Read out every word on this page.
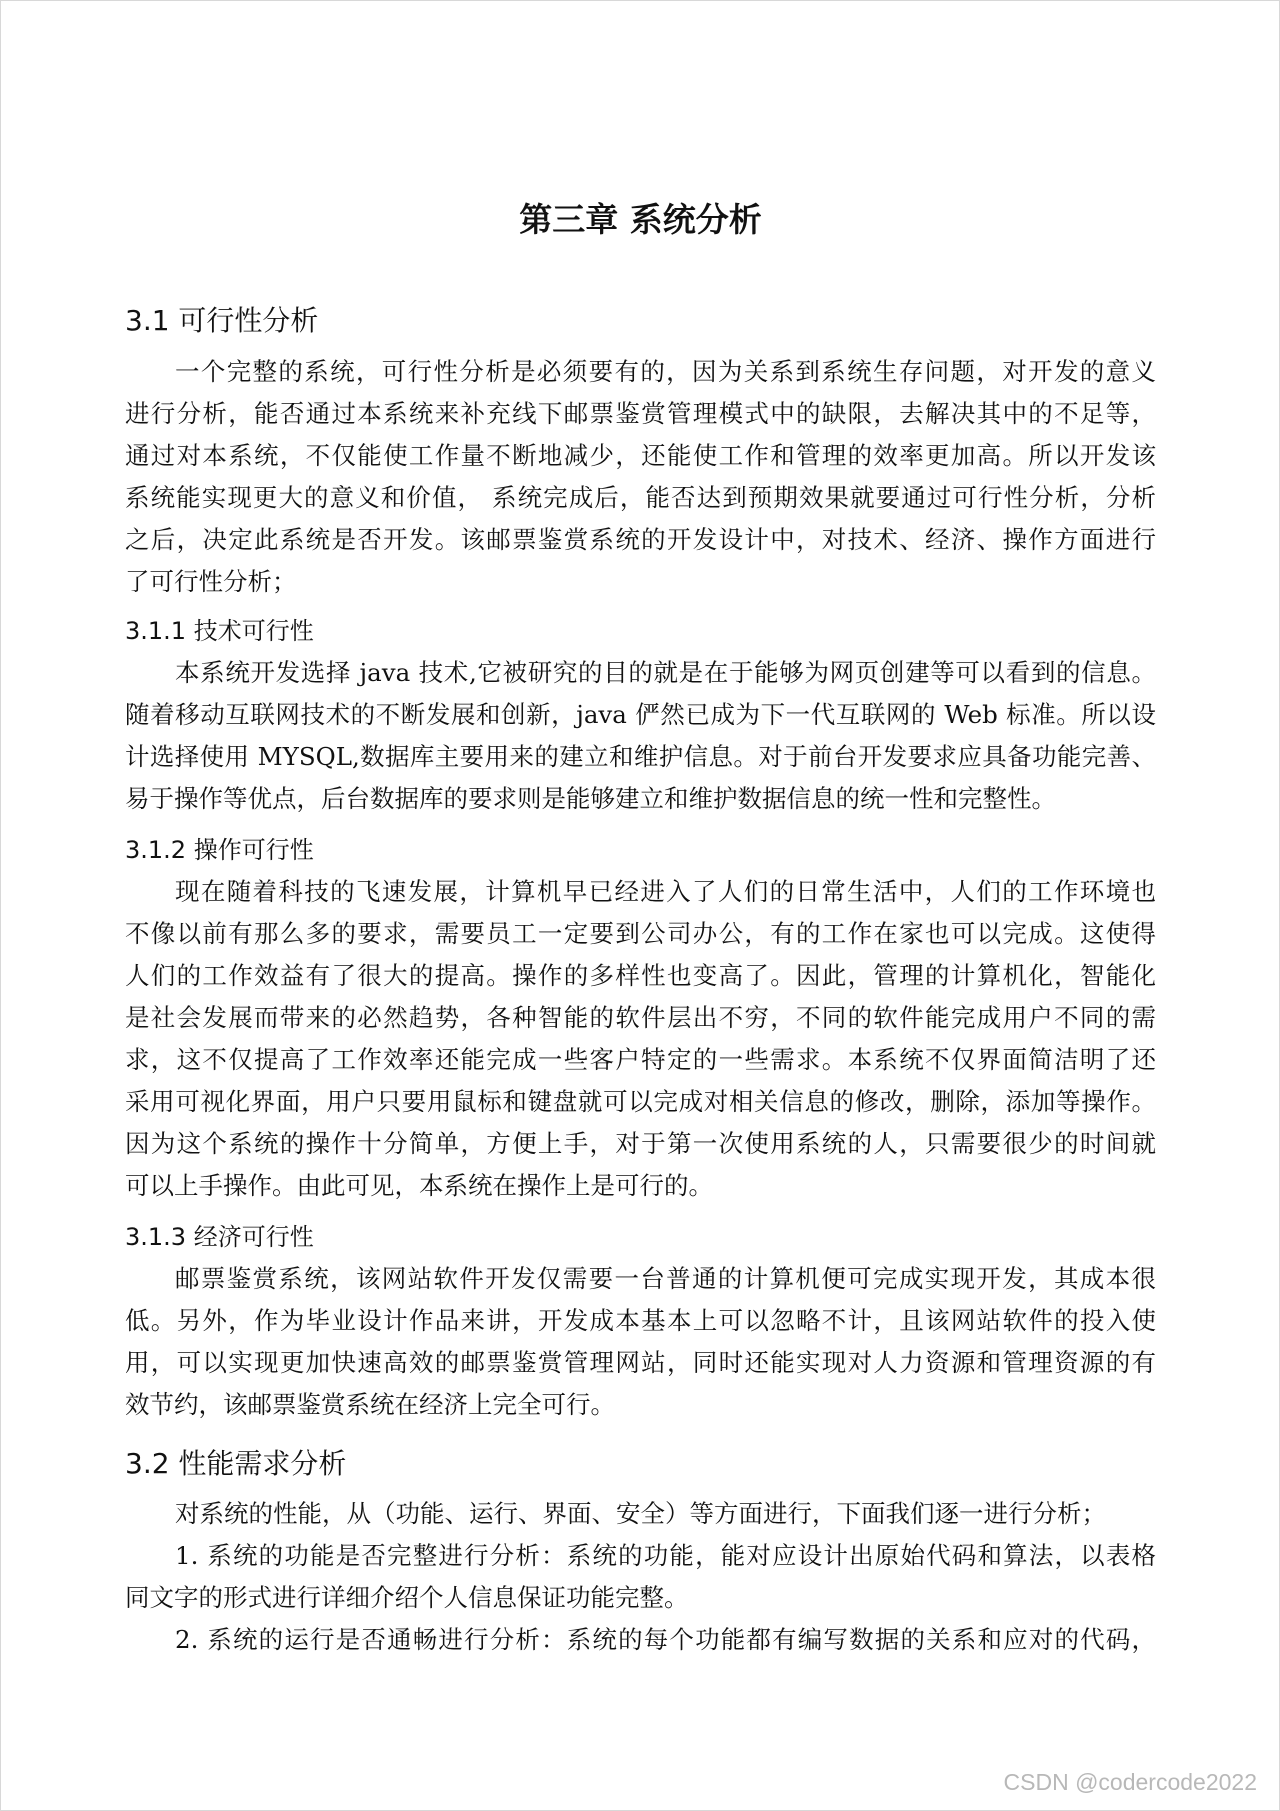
第三章 系统分析
3.1 可行性分析
一个完整的系统，可行性分析是必须要有的，因为关系到系统生存问题，对开发的意义
进行分析，能否通过本系统来补充线下邮票鉴赏管理模式中的缺限，去解决其中的不足等，
通过对本系统，不仅能使工作量不断地减少，还能使工作和管理的效率更加高。所以开发该
系统能实现更大的意义和价值， 系统完成后，能否达到预期效果就要通过可行性分析，分析
之后，决定此系统是否开发。该邮票鉴赏系统的开发设计中，对技术、经济、操作方面进行
了可行性分析；
3.1.1 技术可行性
本系统开发选择 java 技术,它被研究的目的就是在于能够为网页创建等可以看到的信息。
随着移动互联网技术的不断发展和创新，java 俨然已成为下一代互联网的 Web 标准。所以设
计选择使用 MYSQL,数据库主要用来的建立和维护信息。对于前台开发要求应具备功能完善、
易于操作等优点，后台数据库的要求则是能够建立和维护数据信息的统一性和完整性。
3.1.2 操作可行性
现在随着科技的飞速发展，计算机早已经进入了人们的日常生活中，人们的工作环境也
不像以前有那么多的要求，需要员工一定要到公司办公，有的工作在家也可以完成。这使得
人们的工作效益有了很大的提高。操作的多样性也变高了。因此，管理的计算机化，智能化
是社会发展而带来的必然趋势，各种智能的软件层出不穷，不同的软件能完成用户不同的需
求，这不仅提高了工作效率还能完成一些客户特定的一些需求。本系统不仅界面简洁明了还
采用可视化界面，用户只要用鼠标和键盘就可以完成对相关信息的修改，删除，添加等操作。
因为这个系统的操作十分简单，方便上手，对于第一次使用系统的人，只需要很少的时间就
可以上手操作。由此可见，本系统在操作上是可行的。
3.1.3 经济可行性
邮票鉴赏系统，该网站软件开发仅需要一台普通的计算机便可完成实现开发，其成本很
低。另外，作为毕业设计作品来讲，开发成本基本上可以忽略不计，且该网站软件的投入使
用，可以实现更加快速高效的邮票鉴赏管理网站，同时还能实现对人力资源和管理资源的有
效节约，该邮票鉴赏系统在经济上完全可行。
3.2 性能需求分析
对系统的性能，从（功能、运行、界面、安全）等方面进行，下面我们逐一进行分析；
1. 系统的功能是否完整进行分析：系统的功能，能对应设计出原始代码和算法，以表格
同文字的形式进行详细介绍个人信息保证功能完整。
2. 系统的运行是否通畅进行分析：系统的每个功能都有编写数据的关系和应对的代码，
CSDN @codercode2022
